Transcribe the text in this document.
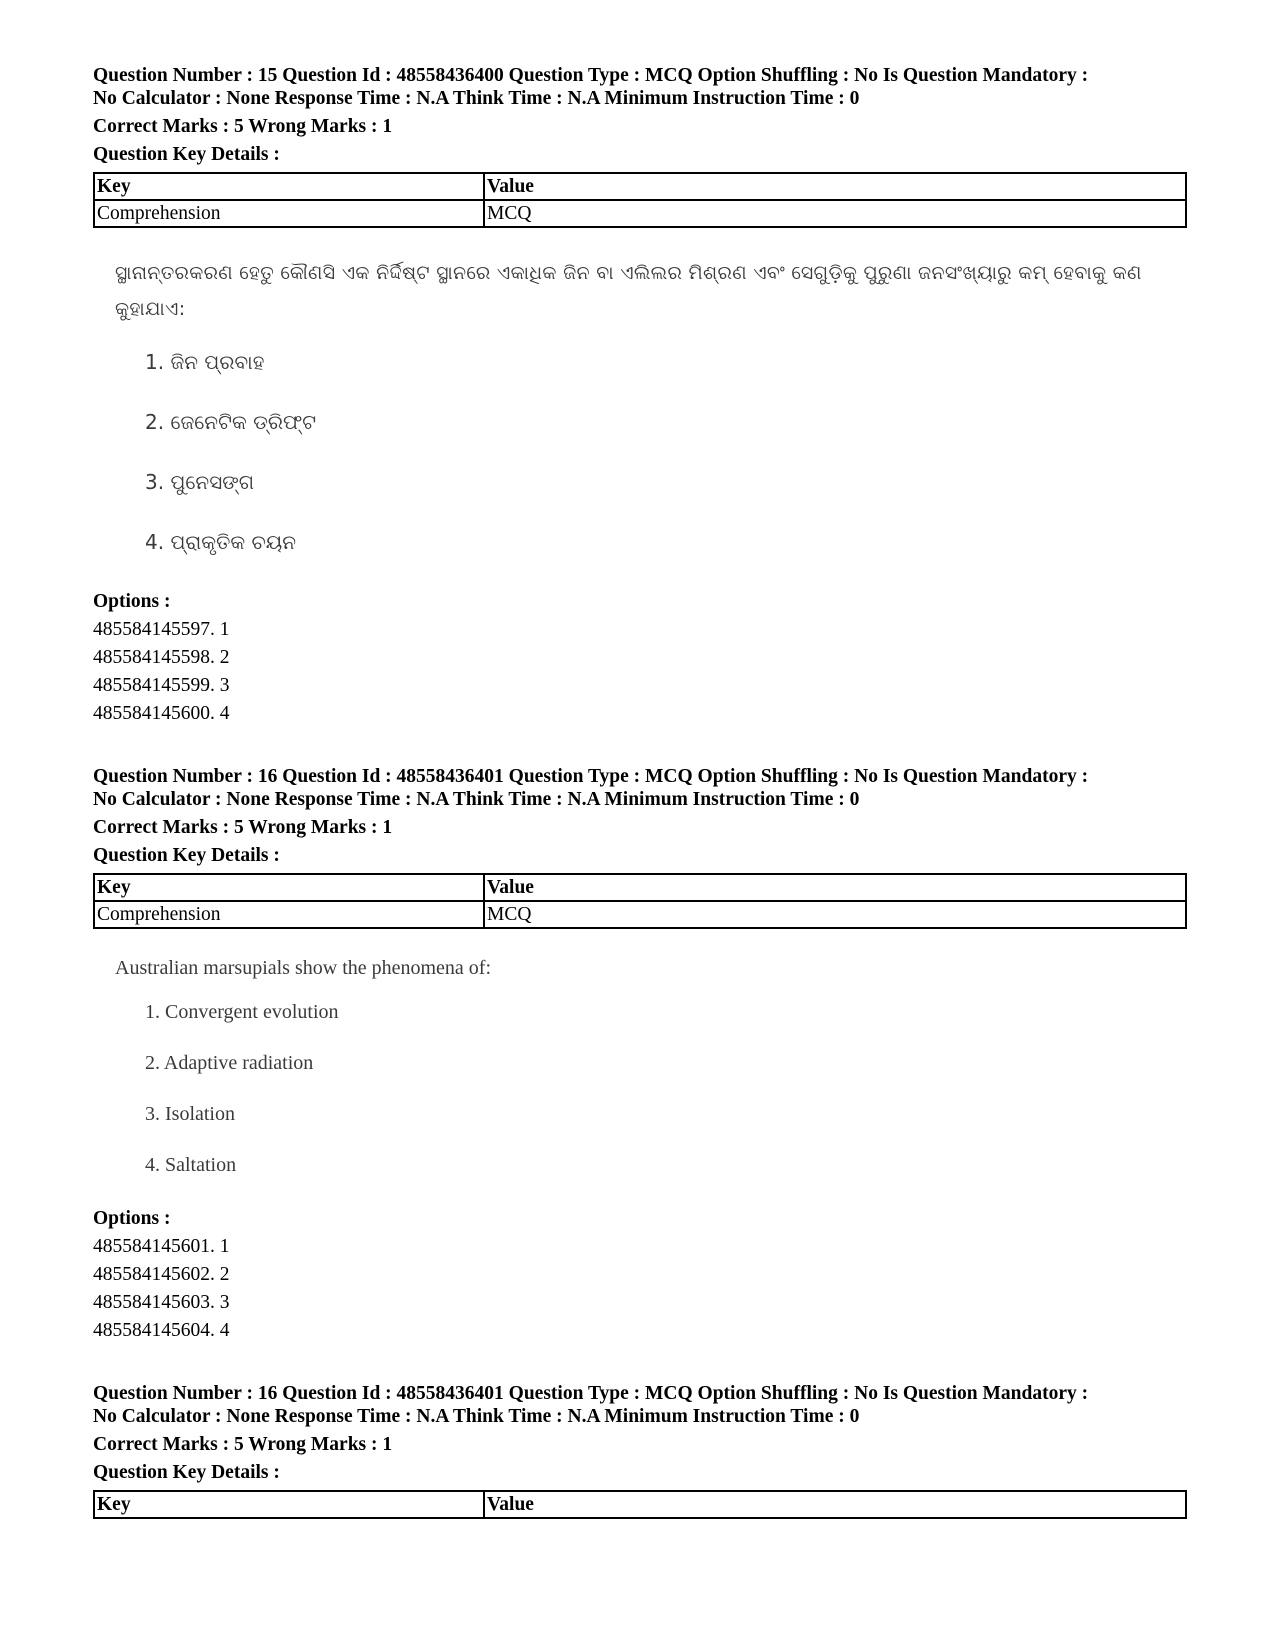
Question Number : 15 Question Id : 48558436400 Question Type : MCQ Option Shuffling : No Is Question Mandatory :
No Calculator : None Response Time : N.A Think Time : N.A Minimum Instruction Time : 0
Correct Marks : 5 Wrong Marks : 1
Question Key Details :
Key	Value
Comprehension	MCQ
ସ୍ଥାନାନ୍ତରକରଣ ହେତୁ କୌଣସି ଏକ ନିର୍ଦ୍ଦିଷ୍ଟ ସ୍ଥାନରେ ଏକାଧିକ ଜିନ ବା ଏଲିଲର ମିଶ୍ରଣ ଏବଂ ସେଗୁଡ଼ିକୁ ପୁରୁଣା ଜନସଂଖ୍ୟାରୁ କମ୍ ହେବାକୁ କଣ
କୁହାଯାଏ:
1. ଜିନ ପ୍ରବାହ
2. ଜେନେଟିକ ଡ୍ରିଫ୍ଟ
3. ପୁନେସଙ୍ଗ
4. ପ୍ରାକୃତିକ ଚୟନ
Options :
485584145597. 1
485584145598. 2
485584145599. 3
485584145600. 4
Question Number : 16 Question Id : 48558436401 Question Type : MCQ Option Shuffling : No Is Question Mandatory :
No Calculator : None Response Time : N.A Think Time : N.A Minimum Instruction Time : 0
Correct Marks : 5 Wrong Marks : 1
Question Key Details :
Key	Value
Comprehension	MCQ
Australian marsupials show the phenomena of:
1. Convergent evolution
2. Adaptive radiation
3. Isolation
4. Saltation
Options :
485584145601. 1
485584145602. 2
485584145603. 3
485584145604. 4
Question Number : 16 Question Id : 48558436401 Question Type : MCQ Option Shuffling : No Is Question Mandatory :
No Calculator : None Response Time : N.A Think Time : N.A Minimum Instruction Time : 0
Correct Marks : 5 Wrong Marks : 1
Question Key Details :
Key	Value
